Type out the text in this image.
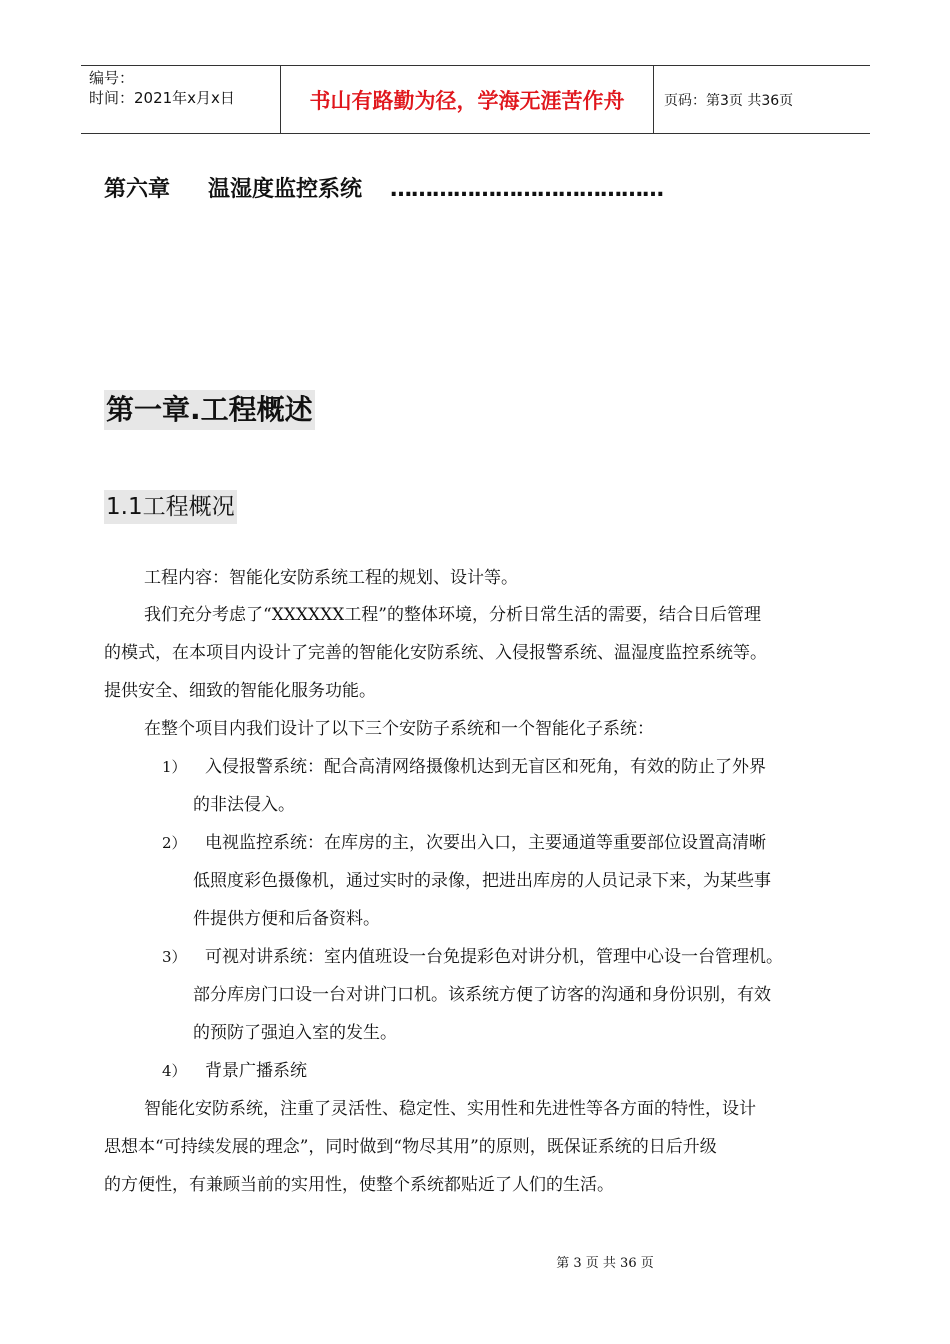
编号：
时间：2021年x月x日	书山有路勤为径，学海无涯苦作舟	页码：第3页 共36页
第六章 温湿度监控系统 …………………………………
第一章.工程概述
1.1工程概况
工程内容：智能化安防系统工程的规划、设计等。
我们充分考虑了“XXXXXX工程”的整体环境，分析日常生活的需要，结合日后管理
的模式，在本项目内设计了完善的智能化安防系统、入侵报警系统、温湿度监控系统等。
提供安全、细致的智能化服务功能。
在整个项目内我们设计了以下三个安防子系统和一个智能化子系统：
1） 入侵报警系统：配合高清网络摄像机达到无盲区和死角，有效的防止了外界
的非法侵入。
2） 电视监控系统：在库房的主，次要出入口，主要通道等重要部位设置高清晰
低照度彩色摄像机，通过实时的录像，把进出库房的人员记录下来，为某些事
件提供方便和后备资料。
3） 可视对讲系统：室内值班设一台免提彩色对讲分机，管理中心设一台管理机。
部分库房门口设一台对讲门口机。该系统方便了访客的沟通和身份识别，有效
的预防了强迫入室的发生。
4） 背景广播系统
智能化安防系统，注重了灵活性、稳定性、实用性和先进性等各方面的特性，设计
思想本“可持续发展的理念”，同时做到“物尽其用”的原则，既保证系统的日后升级
的方便性，有兼顾当前的实用性，使整个系统都贴近了人们的生活。
第 3 页 共 36 页
